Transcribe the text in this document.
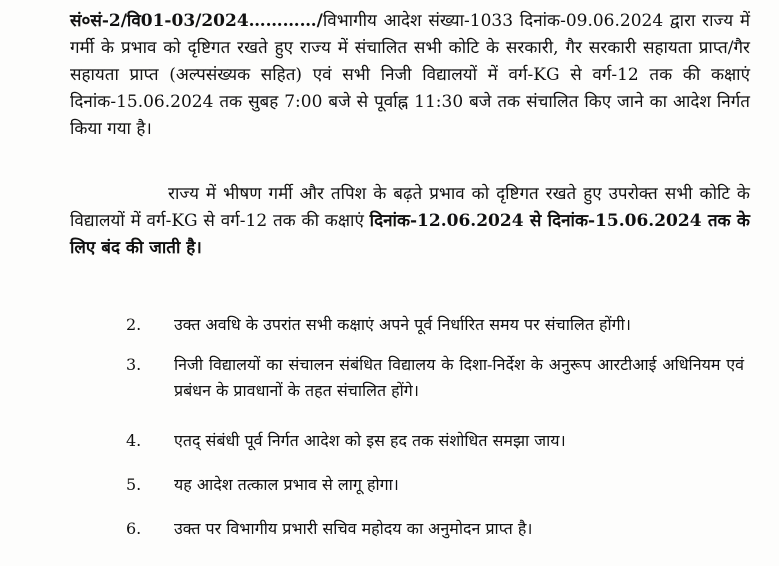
सं०सं-2/वि01-03/2024…………/विभागीय आदेश संख्या-1033 दिनांक-09.06.2024 द्वारा राज्य में गर्मी के प्रभाव को दृष्टिगत रखते हुए राज्य में संचालित सभी कोटि के सरकारी, गैर सरकारी सहायता प्राप्त/गैर सहायता प्राप्त (अल्पसंख्यक सहित) एवं सभी निजी विद्यालयों में वर्ग-KG से वर्ग-12 तक की कक्षाएं दिनांक-15.06.2024 तक सुबह 7:00 बजे से पूर्वाह्न 11:30 बजे तक संचालित किए जाने का आदेश निर्गत किया गया है।
राज्य में भीषण गर्मी और तपिश के बढ़ते प्रभाव को दृष्टिगत रखते हुए उपरोक्त सभी कोटि के विद्यालयों में वर्ग-KG से वर्ग-12 तक की कक्षाएं दिनांक-12.06.2024 से दिनांक-15.06.2024 तक के लिए बंद की जाती है।
2.	उक्त अवधि के उपरांत सभी कक्षाएं अपने पूर्व निर्धारित समय पर संचालित होंगी।
3.	निजी विद्यालयों का संचालन संबंधित विद्यालय के दिशा-निर्देश के अनुरूप आरटीआई अधिनियम एवं प्रबंधन के प्रावधानों के तहत संचालित होंगे।
4.	एतद् संबंधी पूर्व निर्गत आदेश को इस हद तक संशोधित समझा जाय।
5.	यह आदेश तत्काल प्रभाव से लागू होगा।
6.	उक्त पर विभागीय प्रभारी सचिव महोदय का अनुमोदन प्राप्त है।
